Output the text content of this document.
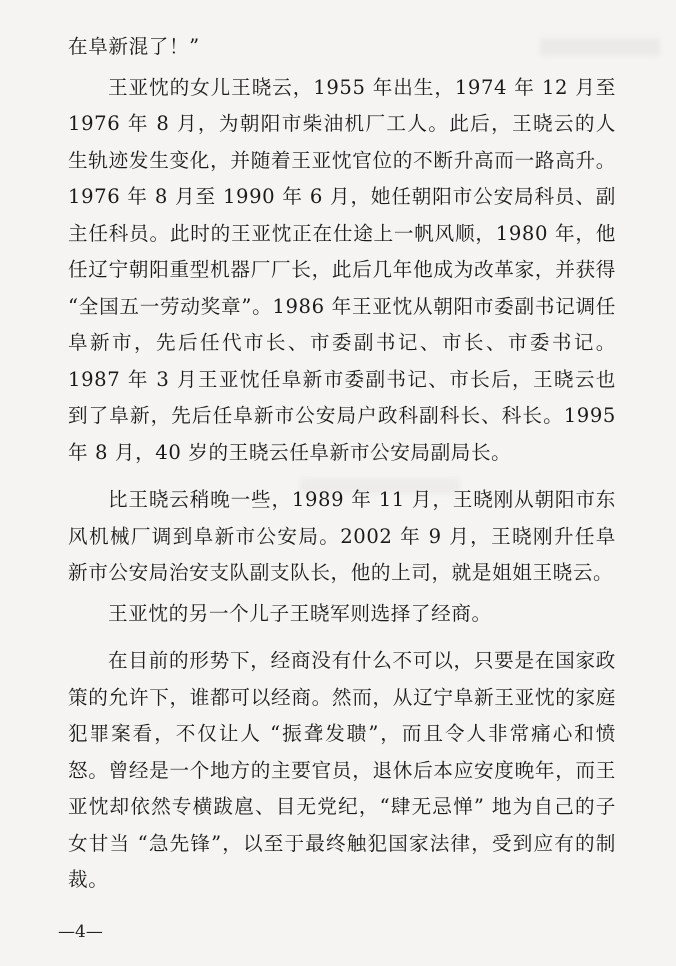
在阜新混了！”

王亚忱的女儿王晓云，1955 年出生，1974 年 12 月至 1976 年 8 月，为朝阳市柴油机厂工人。此后，王晓云的人生轨迹发生变化，并随着王亚忱官位的不断升高而一路高升。1976 年 8 月至 1990 年 6 月，她任朝阳市公安局科员、副主任科员。此时的王亚忱正在仕途上一帆风顺，1980 年，他任辽宁朝阳重型机器厂厂长，此后几年他成为改革家，并获得 “全国五一劳动奖章”。1986 年王亚忱从朝阳市委副书记调任阜新市，先后任代市长、市委副书记、市长、市委书记。1987 年 3 月王亚忱任阜新市委副书记、市长后，王晓云也到了阜新，先后任阜新市公安局户政科副科长、科长。1995 年 8 月，40 岁的王晓云任阜新市公安局副局长。

比王晓云稍晚一些，1989 年 11 月，王晓刚从朝阳市东风机械厂调到阜新市公安局。2002 年 9 月，王晓刚升任阜新市公安局治安支队副支队长，他的上司，就是姐姐王晓云。

王亚忱的另一个儿子王晓军则选择了经商。

在目前的形势下，经商没有什么不可以，只要是在国家政策的允许下，谁都可以经商。然而，从辽宁阜新王亚忱的家庭犯罪案看，不仅让人 “振聋发聩”，而且令人非常痛心和愤怒。曾经是一个地方的主要官员，退休后本应安度晚年，而王亚忱却依然专横跋扈、目无党纪，“肆无忌惮” 地为自己的子女甘当 “急先锋”，以至于最终触犯国家法律，受到应有的制裁。

—4—
